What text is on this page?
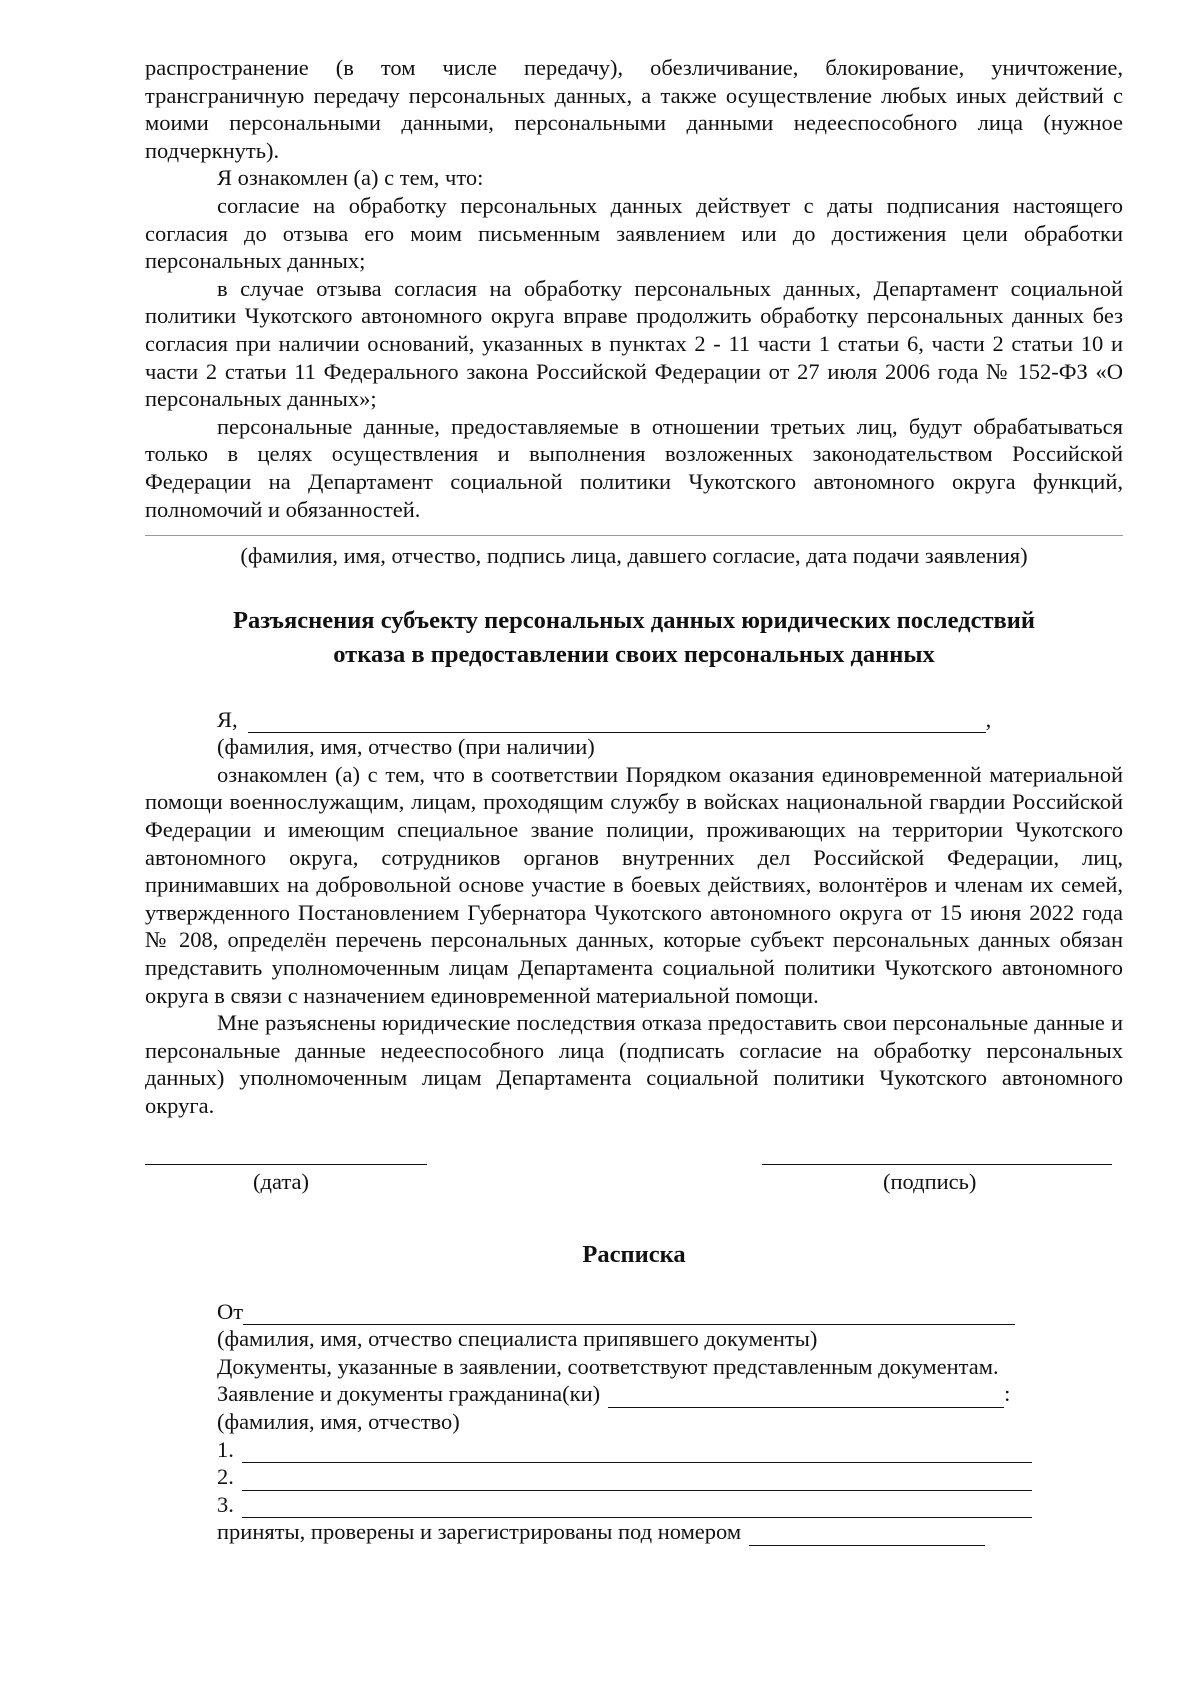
распространение (в том числе передачу), обезличивание, блокирование, уничтожение, трансграничную передачу персональных данных, а также осуществление любых иных действий с моими персональными данными, персональными данными недееспособного лица (нужное подчеркнуть).

Я ознакомлен (а) с тем, что:

согласие на обработку персональных данных действует с даты подписания настоящего согласия до отзыва его моим письменным заявлением или до достижения цели обработки персональных данных;

в случае отзыва согласия на обработку персональных данных, Департамент социальной политики Чукотского автономного округа вправе продолжить обработку персональных данных без согласия при наличии оснований, указанных в пунктах 2 - 11 части 1 статьи 6, части 2 статьи 10 и части 2 статьи 11 Федерального закона Российской Федерации от 27 июля 2006 года № 152-ФЗ «О персональных данных»;

персональные данные, предоставляемые в отношении третьих лиц, будут обрабатываться только в целях осуществления и выполнения возложенных законодательством Российской Федерации на Департамент социальной политики Чукотского автономного округа функций, полномочий и обязанностей.

(фамилия, имя, отчество, подпись лица, давшего согласие, дата подачи заявления)
Разъяснения субъекту персональных данных юридических последствий
отказа в предоставлении своих персональных данных
Я,	,
(фамилия, имя, отчество (при наличии)

ознакомлен (а) с тем, что в соответствии Порядком оказания единовременной материальной помощи военнослужащим, лицам, проходящим службу в войсках национальной гвардии Российской Федерации и имеющим специальное звание полиции, проживающих на территории Чукотского автономного округа, сотрудников органов внутренних дел Российской Федерации, лиц, принимавших на добровольной основе участие в боевых действиях, волонтёров и членам их семей, утвержденного Постановлением Губернатора Чукотского автономного округа от 15 июня 2022 года № 208, определён перечень персональных данных, которые субъект персональных данных обязан представить уполномоченным лицам Департамента социальной политики Чукотского автономного округа в связи с назначением единовременной материальной помощи.

Мне разъяснены юридические последствия отказа предоставить свои персональные данные и персональные данные недееспособного лица (подписать согласие на обработку персональных данных) уполномоченным лицам Департамента социальной политики Чукотского автономного округа.

(дата)	(подпись)
Расписка
От
(фамилия, имя, отчество специалиста припявшего документы)
Документы, указанные в заявлении, соответствуют представленным документам.
Заявление и документы гражданина(ки)	:
(фамилия, имя, отчество)
1.
2.
3.
приняты, проверены и зарегистрированы под номером
